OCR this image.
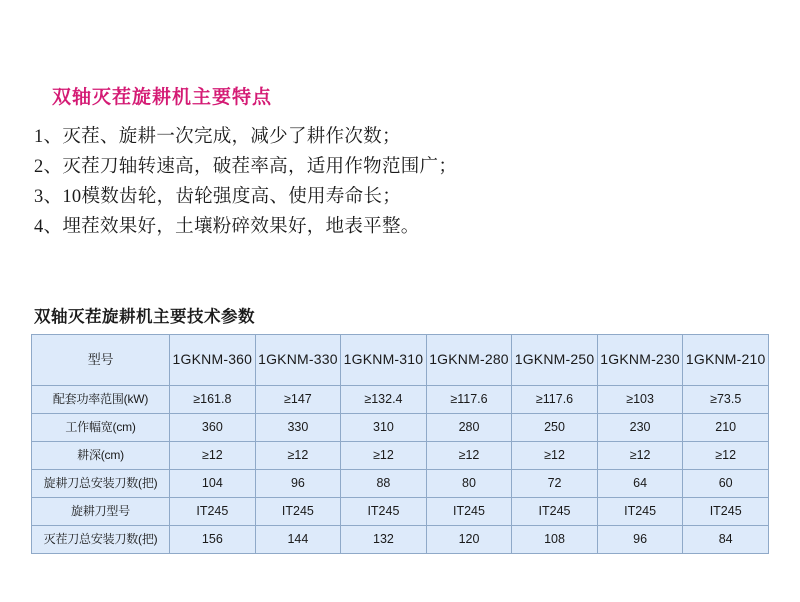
双轴灭茬旋耕机主要特点
1、灭茬、旋耕一次完成，减少了耕作次数；
2、灭茬刀轴转速高，破茬率高，适用作物范围广；
3、10模数齿轮，齿轮强度高、使用寿命长；
4、埋茬效果好，土壤粉碎效果好，地表平整。
双轴灭茬旋耕机主要技术参数
型号	1GKNM-360	1GKNM-330	1GKNM-310	1GKNM-280	1GKNM-250	1GKNM-230	1GKNM-210
配套功率范围(kW)	≥161.8	≥147	≥132.4	≥117.6	≥117.6	≥103	≥73.5
工作幅宽(cm)	360	330	310	280	250	230	210
耕深(cm)	≥12	≥12	≥12	≥12	≥12	≥12	≥12
旋耕刀总安装刀数(把)	104	96	88	80	72	64	60
旋耕刀型号	IT245	IT245	IT245	IT245	IT245	IT245	IT245
灭茬刀总安装刀数(把)	156	144	132	120	108	96	84
